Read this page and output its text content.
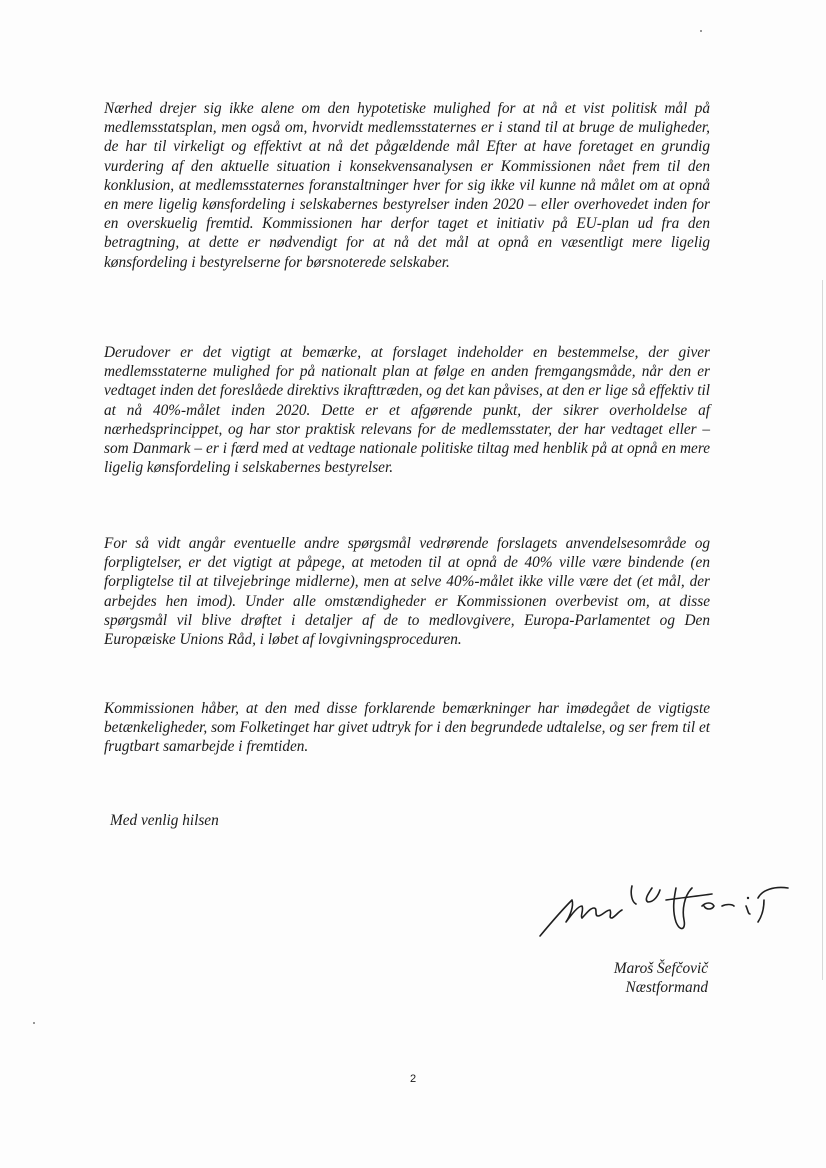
Nærhed drejer sig ikke alene om den hypotetiske mulighed for at nå et vist politisk mål på medlemsstatsplan, men også om, hvorvidt medlemsstaternes er i stand til at bruge de muligheder, de har til virkeligt og effektivt at nå det pågældende mål Efter at have foretaget en grundig vurdering af den aktuelle situation i konsekvensanalysen er Kommissionen nået frem til den konklusion, at medlemsstaternes foranstaltninger hver for sig ikke vil kunne nå målet om at opnå en mere ligelig kønsfordeling i selskabernes bestyrelser inden 2020 – eller overhovedet inden for en overskuelig fremtid. Kommissionen har derfor taget et initiativ på EU-plan ud fra den betragtning, at dette er nødvendigt for at nå det mål at opnå en væsentligt mere ligelig kønsfordeling i bestyrelserne for børsnoterede selskaber.

Derudover er det vigtigt at bemærke, at forslaget indeholder en bestemmelse, der giver medlemsstaterne mulighed for på nationalt plan at følge en anden fremgangsmåde, når den er vedtaget inden det foreslåede direktivs ikrafttræden, og det kan påvises, at den er lige så effektiv til at nå 40%-målet inden 2020. Dette er et afgørende punkt, der sikrer overholdelse af nærhedsprincippet, og har stor praktisk relevans for de medlemsstater, der har vedtaget eller – som Danmark – er i færd med at vedtage nationale politiske tiltag med henblik på at opnå en mere ligelig kønsfordeling i selskabernes bestyrelser.

For så vidt angår eventuelle andre spørgsmål vedrørende forslagets anvendelsesområde og forpligtelser, er det vigtigt at påpege, at metoden til at opnå de 40% ville være bindende (en forpligtelse til at tilvejebringe midlerne), men at selve 40%-målet ikke ville være det (et mål, der arbejdes hen imod). Under alle omstændigheder er Kommissionen overbevist om, at disse spørgsmål vil blive drøftet i detaljer af de to medlovgivere, Europa-Parlamentet og Den Europæiske Unions Råd, i løbet af lovgivningsproceduren.

Kommissionen håber, at den med disse forklarende bemærkninger har imødegået de vigtigste betænkeligheder, som Folketinget har givet udtryk for i den begrundede udtalelse, og ser frem til et frugtbart samarbejde i fremtiden.

Med venlig hilsen

Maroš Šefčovič
Næstformand
2
